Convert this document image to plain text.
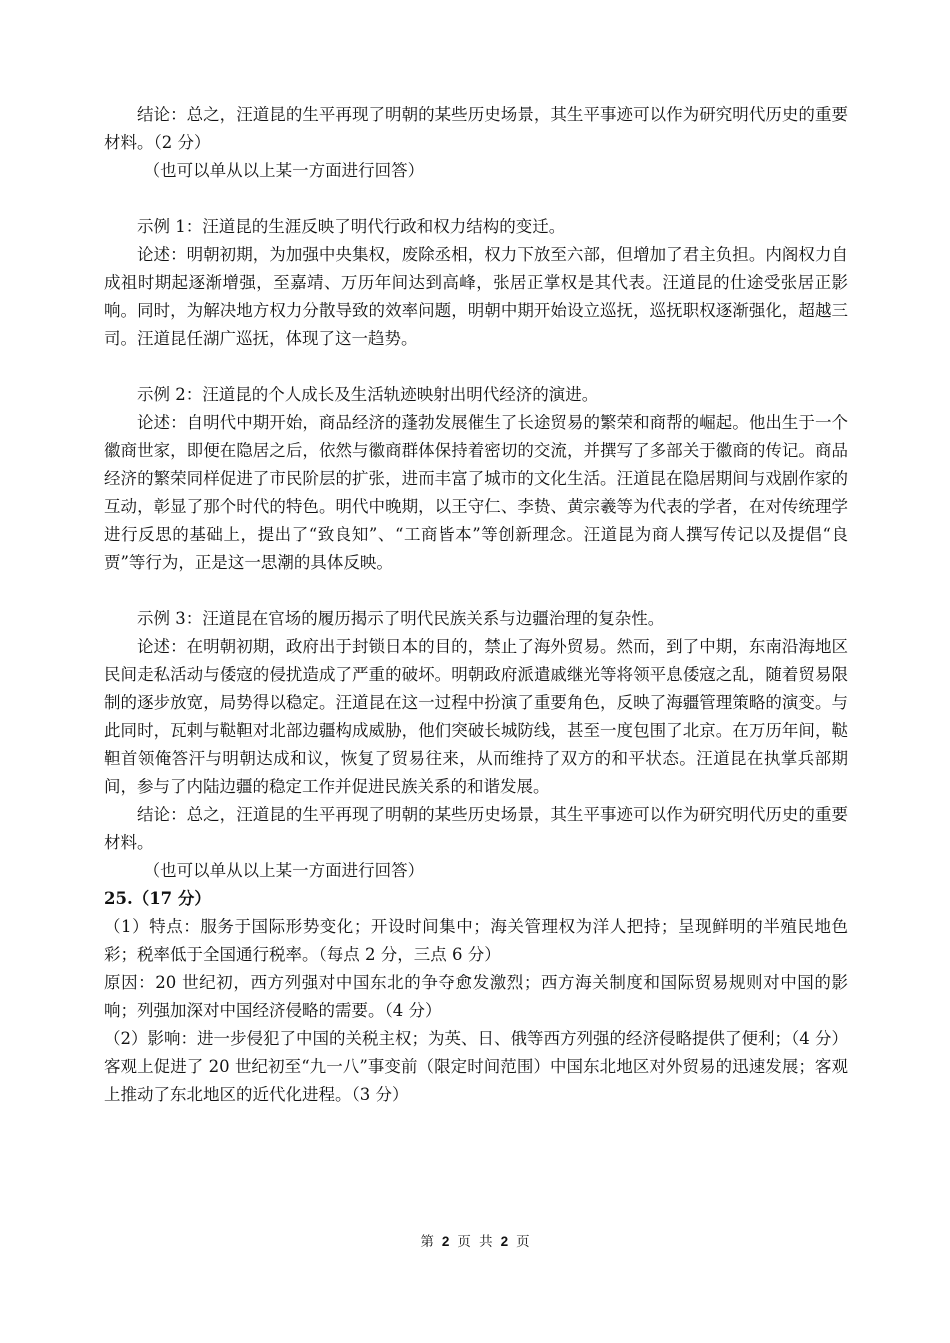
结论：总之，汪道昆的生平再现了明朝的某些历史场景，其生平事迹可以作为研究明代历史的重要材料。（2 分）

（也可以单从以上某一方面进行回答）

示例 1：汪道昆的生涯反映了明代行政和权力结构的变迁。

论述：明朝初期，为加强中央集权，废除丞相，权力下放至六部，但增加了君主负担。内阁权力自成祖时期起逐渐增强，至嘉靖、万历年间达到高峰，张居正掌权是其代表。汪道昆的仕途受张居正影响。同时，为解决地方权力分散导致的效率问题，明朝中期开始设立巡抚，巡抚职权逐渐强化，超越三司。汪道昆任湖广巡抚，体现了这一趋势。

示例 2：汪道昆的个人成长及生活轨迹映射出明代经济的演进。

论述：自明代中期开始，商品经济的蓬勃发展催生了长途贸易的繁荣和商帮的崛起。他出生于一个徽商世家，即便在隐居之后，依然与徽商群体保持着密切的交流，并撰写了多部关于徽商的传记。商品经济的繁荣同样促进了市民阶层的扩张，进而丰富了城市的文化生活。汪道昆在隐居期间与戏剧作家的互动，彰显了那个时代的特色。明代中晚期，以王守仁、李贽、黄宗羲等为代表的学者，在对传统理学进行反思的基础上，提出了“致良知”、“工商皆本”等创新理念。汪道昆为商人撰写传记以及提倡“良贾”等行为，正是这一思潮的具体反映。

示例 3：汪道昆在官场的履历揭示了明代民族关系与边疆治理的复杂性。

论述：在明朝初期，政府出于封锁日本的目的，禁止了海外贸易。然而，到了中期，东南沿海地区民间走私活动与倭寇的侵扰造成了严重的破坏。明朝政府派遣戚继光等将领平息倭寇之乱，随着贸易限制的逐步放宽，局势得以稳定。汪道昆在这一过程中扮演了重要角色，反映了海疆管理策略的演变。与此同时，瓦剌与鞑靼对北部边疆构成威胁，他们突破长城防线，甚至一度包围了北京。在万历年间，鞑靼首领俺答汗与明朝达成和议，恢复了贸易往来，从而维持了双方的和平状态。汪道昆在执掌兵部期间，参与了内陆边疆的稳定工作并促进民族关系的和谐发展。

结论：总之，汪道昆的生平再现了明朝的某些历史场景，其生平事迹可以作为研究明代历史的重要材料。

（也可以单从以上某一方面进行回答）

25.（17 分）

（1）特点：服务于国际形势变化；开设时间集中；海关管理权为洋人把持；呈现鲜明的半殖民地色彩；税率低于全国通行税率。（每点 2 分，三点 6 分）

原因：20 世纪初，西方列强对中国东北的争夺愈发激烈；西方海关制度和国际贸易规则对中国的影响；列强加深对中国经济侵略的需要。（4 分）

（2）影响：进一步侵犯了中国的关税主权；为英、日、俄等西方列强的经济侵略提供了便利；（4 分）客观上促进了 20 世纪初至“九一八”事变前（限定时间范围）中国东北地区对外贸易的迅速发展；客观上推动了东北地区的近代化进程。（3 分）

第 2 页 共 2 页
